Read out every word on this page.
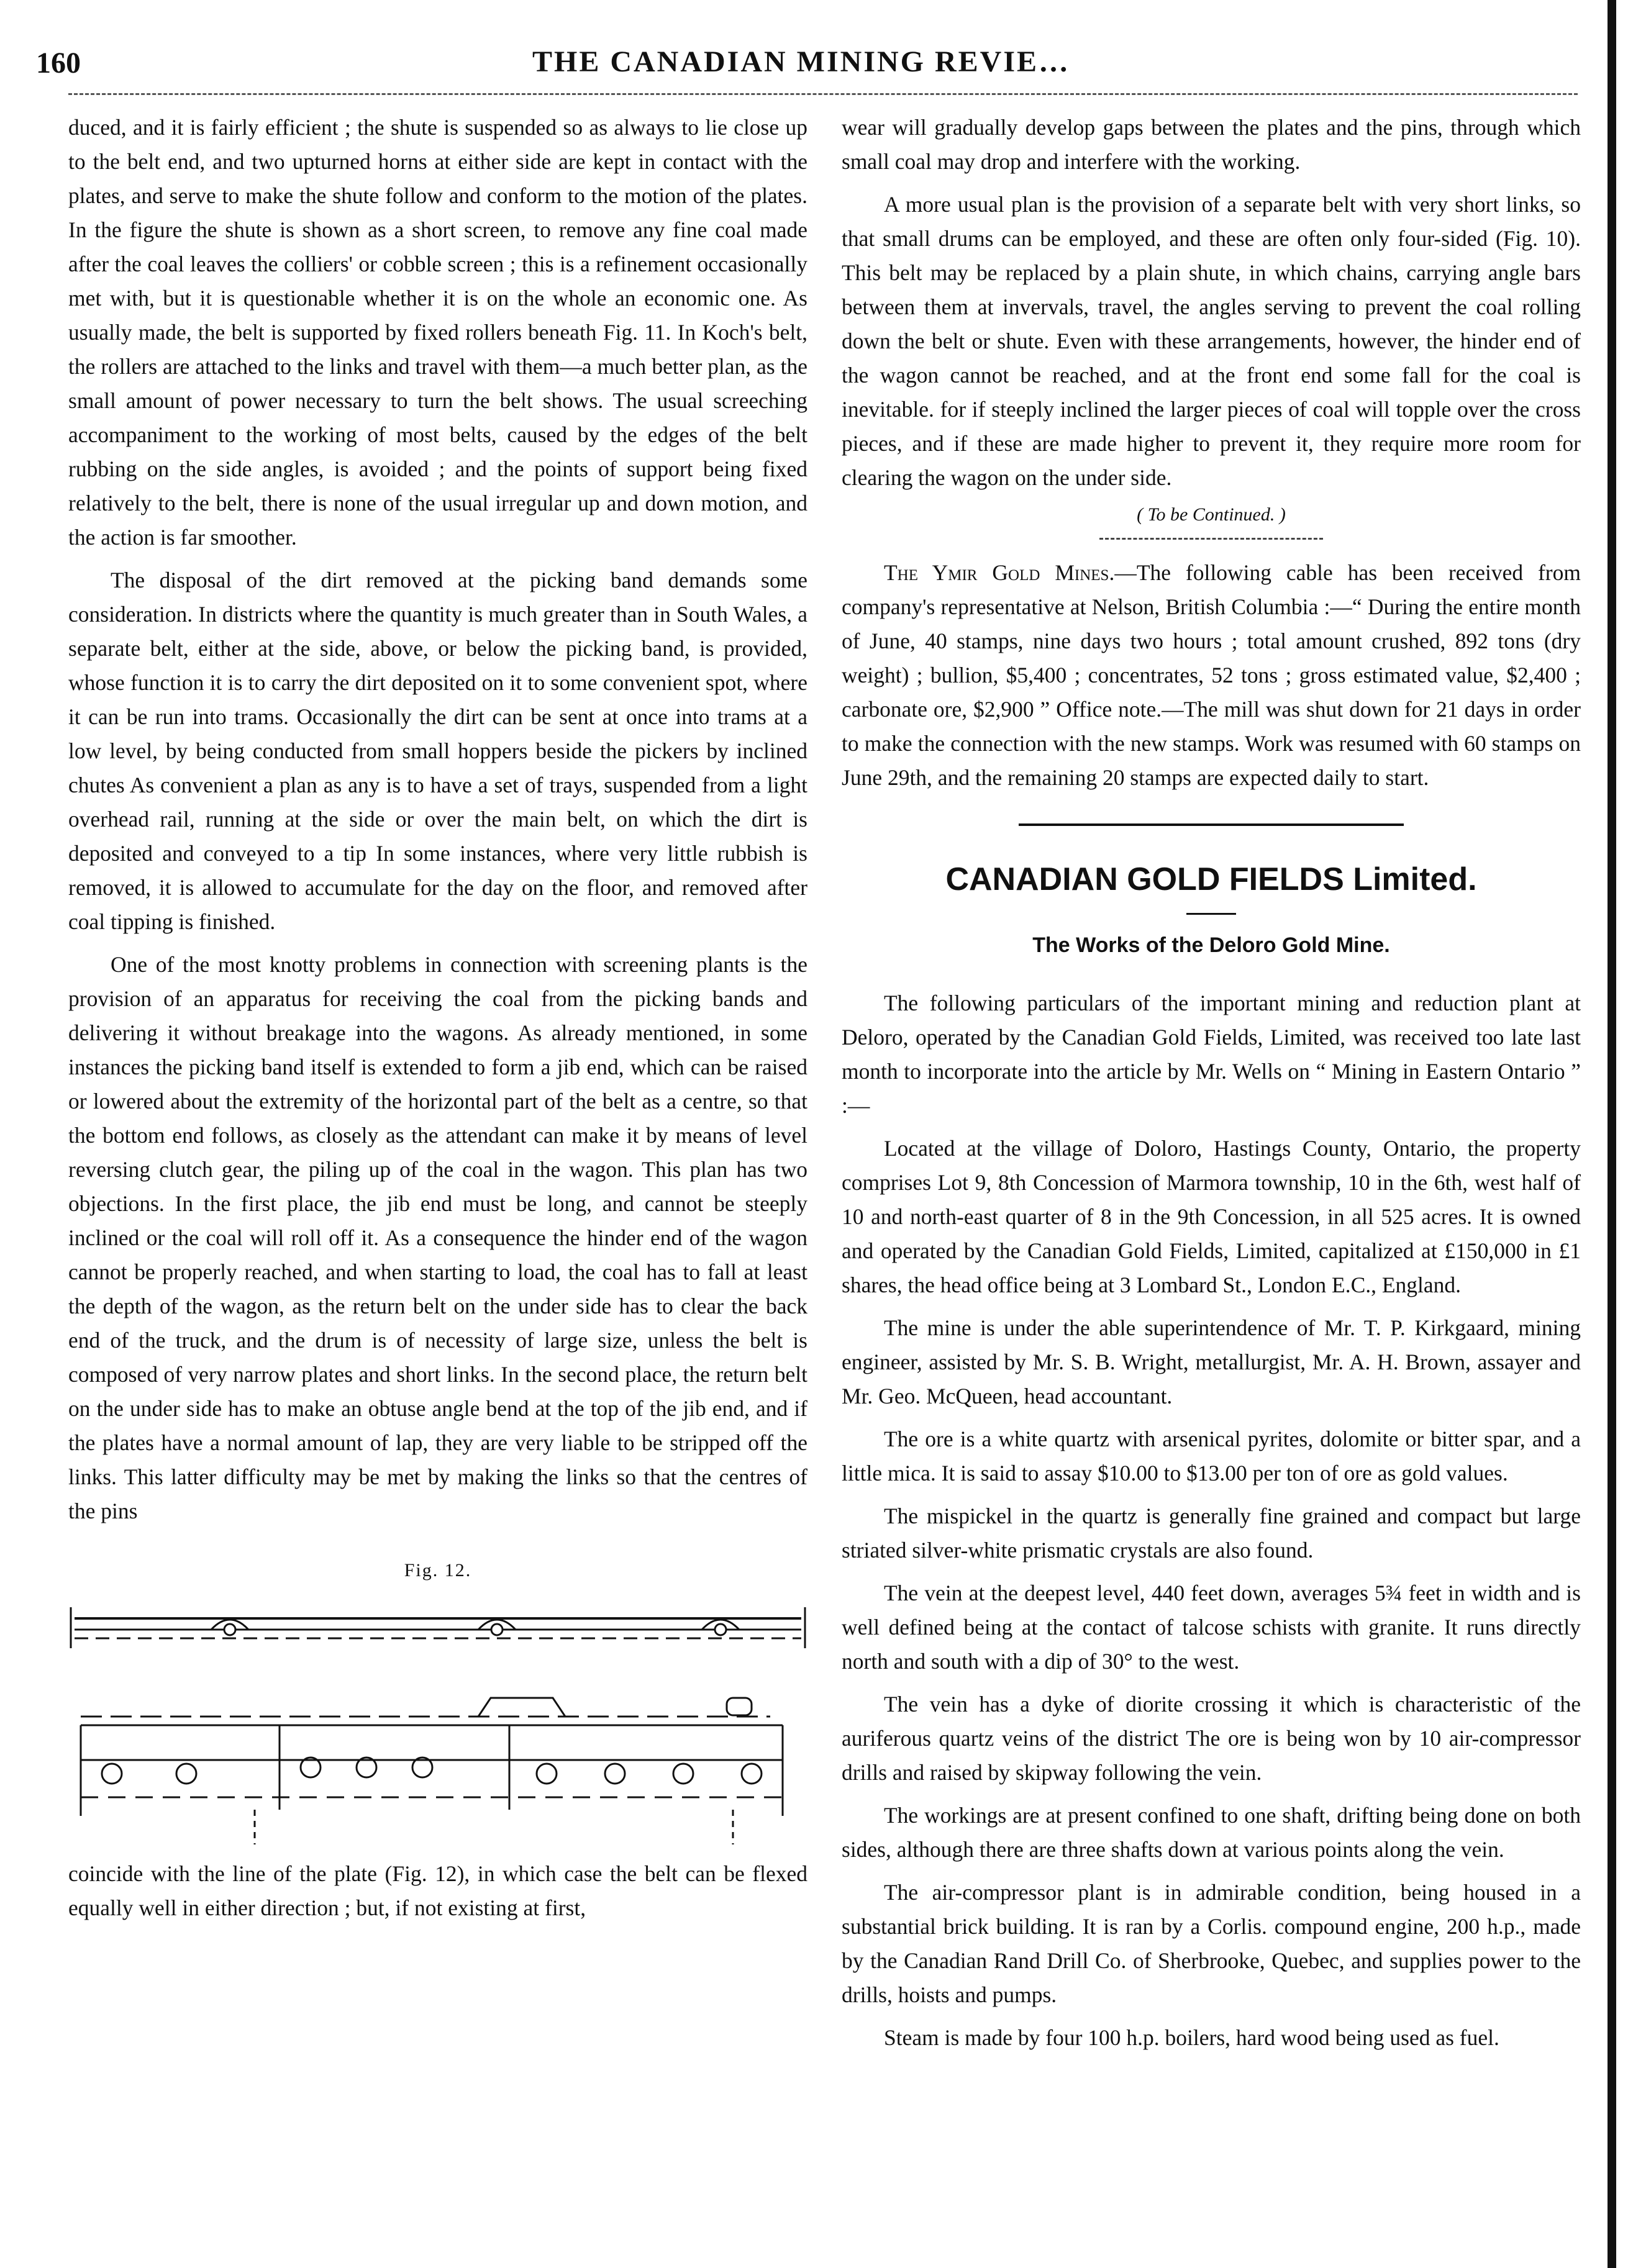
160	THE CANADIAN MINING REVIE…

duced, and it is fairly efficient ; the shute is suspended so as always to lie close up to the belt end, and two upturned horns at either side are kept in contact with the plates, and serve to make the shute follow and conform to the motion of the plates. In the figure the shute is shown as a short screen, to remove any fine coal made after the coal leaves the colliers' or cobble screen ; this is a refinement occasionally met with, but it is questionable whether it is on the whole an economic one. As usually made, the belt is supported by fixed rollers beneath Fig. 11. In Koch's belt, the rollers are attached to the links and travel with them—a much better plan, as the small amount of power necessary to turn the belt shows. The usual screeching accompaniment to the working of most belts, caused by the edges of the belt rubbing on the side angles, is avoided ; and the points of support being fixed relatively to the belt, there is none of the usual irregular up and down motion, and the action is far smoother.

The disposal of the dirt removed at the picking band demands some consideration. In districts where the quantity is much greater than in South Wales, a separate belt, either at the side, above, or below the picking band, is provided, whose function it is to carry the dirt deposited on it to some convenient spot, where it can be run into trams. Occasionally the dirt can be sent at once into trams at a low level, by being conducted from small hoppers beside the pickers by inclined chutes As convenient a plan as any is to have a set of trays, suspended from a light overhead rail, running at the side or over the main belt, on which the dirt is deposited and conveyed to a tip In some instances, where very little rubbish is removed, it is allowed to accumulate for the day on the floor, and removed after coal tipping is finished.

One of the most knotty problems in connection with screening plants is the provision of an apparatus for receiving the coal from the picking bands and delivering it without breakage into the wagons. As already mentioned, in some instances the picking band itself is extended to form a jib end, which can be raised or lowered about the extremity of the horizontal part of the belt as a centre, so that the bottom end follows, as closely as the attendant can make it by means of level reversing clutch gear, the piling up of the coal in the wagon. This plan has two objections. In the first place, the jib end must be long, and cannot be steeply inclined or the coal will roll off it. As a consequence the hinder end of the wagon cannot be properly reached, and when starting to load, the coal has to fall at least the depth of the wagon, as the return belt on the under side has to clear the back end of the truck, and the drum is of necessity of large size, unless the belt is composed of very narrow plates and short links. In the second place, the return belt on the under side has to make an obtuse angle bend at the top of the jib end, and if the plates have a normal amount of lap, they are very liable to be stripped off the links. This latter difficulty may be met by making the links so that the centres of the pins

Fig. 12.

coincide with the line of the plate (Fig. 12), in which case the belt can be flexed equally well in either direction ; but, if not existing at first,

wear will gradually develop gaps between the plates and the pins, through which small coal may drop and interfere with the working.

A more usual plan is the provision of a separate belt with very short links, so that small drums can be employed, and these are often only four-sided (Fig. 10). This belt may be replaced by a plain shute, in which chains, carrying angle bars between them at invervals, travel, the angles serving to prevent the coal rolling down the belt or shute. Even with these arrangements, however, the hinder end of the wagon cannot be reached, and at the front end some fall for the coal is inevitable. for if steeply inclined the larger pieces of coal will topple over the cross pieces, and if these are made higher to prevent it, they require more room for clearing the wagon on the under side.

( To be Continued. )

The Ymir Gold Mines.—The following cable has been received from company's representative at Nelson, British Columbia :—“ During the entire month of June, 40 stamps, nine days two hours ; total amount crushed, 892 tons (dry weight) ; bullion, $5,400 ; concentrates, 52 tons ; gross estimated value, $2,400 ; carbonate ore, $2,900 ” Office note.—The mill was shut down for 21 days in order to make the connection with the new stamps. Work was resumed with 60 stamps on June 29th, and the remaining 20 stamps are expected daily to start.

CANADIAN GOLD FIELDS Limited.
The Works of the Deloro Gold Mine.

The following particulars of the important mining and reduction plant at Deloro, operated by the Canadian Gold Fields, Limited, was received too late last month to incorporate into the article by Mr. Wells on “ Mining in Eastern Ontario ” :—

Located at the village of Doloro, Hastings County, Ontario, the property comprises Lot 9, 8th Concession of Marmora township, 10 in the 6th, west half of 10 and north-east quarter of 8 in the 9th Concession, in all 525 acres. It is owned and operated by the Canadian Gold Fields, Limited, capitalized at £150,000 in £1 shares, the head office being at 3 Lombard St., London E.C., England.

The mine is under the able superintendence of Mr. T. P. Kirkgaard, mining engineer, assisted by Mr. S. B. Wright, metallurgist, Mr. A. H. Brown, assayer and Mr. Geo. McQueen, head accountant.

The ore is a white quartz with arsenical pyrites, dolomite or bitter spar, and a little mica. It is said to assay $10.00 to $13.00 per ton of ore as gold values.

The mispickel in the quartz is generally fine grained and compact but large striated silver-white prismatic crystals are also found.

The vein at the deepest level, 440 feet down, averages 5¾ feet in width and is well defined being at the contact of talcose schists with granite. It runs directly north and south with a dip of 30° to the west.

The vein has a dyke of diorite crossing it which is characteristic of the auriferous quartz veins of the district The ore is being won by 10 air-compressor drills and raised by skipway following the vein.

The workings are at present confined to one shaft, drifting being done on both sides, although there are three shafts down at various points along the vein.

The air-compressor plant is in admirable condition, being housed in a substantial brick building. It is ran by a Corlis. compound engine, 200 h.p., made by the Canadian Rand Drill Co. of Sherbrooke, Quebec, and supplies power to the drills, hoists and pumps.

Steam is made by four 100 h.p. boilers, hard wood being used as fuel.
